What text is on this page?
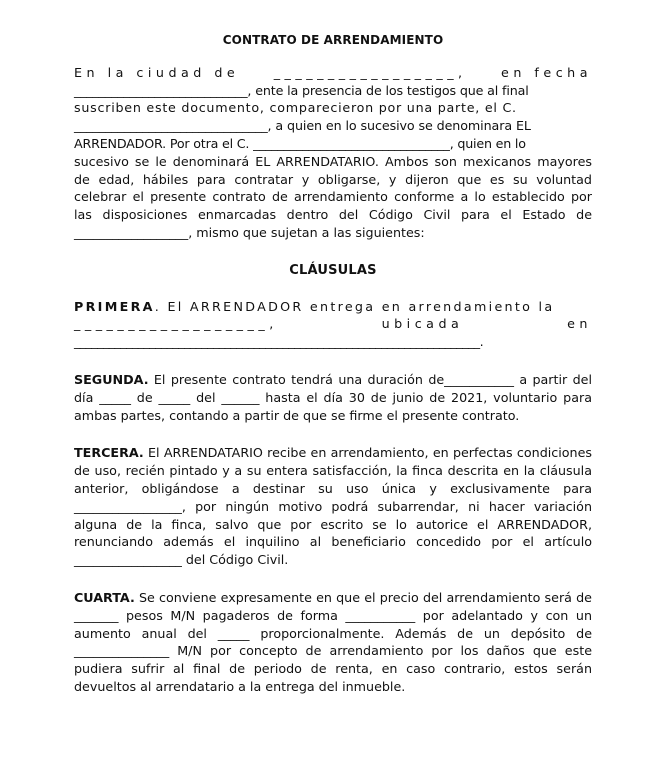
CONTRATO DE ARRENDAMIENTO
En la ciudad de	_________________,	en fecha
____________________________, ente la presencia de los testigos que al final
suscriben este documento, comparecieron por una parte, el C.
_______________________________, a quien en lo sucesivo se denominara EL
ARRENDADOR. Por otra el C. ________________________________, quien en lo
sucesivo se le denominará EL ARRENDATARIO. Ambos son mexicanos mayores de edad, hábiles para contratar y obligarse, y dijeron que es su voluntad celebrar el presente contrato de arrendamiento conforme a lo establecido por las disposiciones enmarcadas dentro del Código Civil para el Estado de __________________, mismo que sujetan a las siguientes:
CLÁUSULAS
PRIMERA. El ARRENDADOR entrega en arrendamiento la
__________________,	ubicada	en
______________________________________________________________________.
SEGUNDA. El presente contrato tendrá una duración de___________ a partir del día _____ de _____ del ______ hasta el día 30 de junio de 2021, voluntario para ambas partes, contando a partir de que se firme el presente contrato.
TERCERA. El ARRENDATARIO recibe en arrendamiento, en perfectas condiciones de uso, recién pintado y a su entera satisfacción, la finca descrita en la cláusula anterior, obligándose a destinar su uso única y exclusivamente para _________________, por ningún motivo podrá subarrendar, ni hacer variación alguna de la finca, salvo que por escrito se lo autorice el ARRENDADOR, renunciando además el inquilino al beneficiario concedido por el artículo _________________ del Código Civil.
CUARTA. Se conviene expresamente en que el precio del arrendamiento será de _______ pesos M/N pagaderos de forma ___________ por adelantado y con un aumento anual del _____ proporcionalmente. Además de un depósito de _______________ M/N por concepto de arrendamiento por los daños que este pudiera sufrir al final de periodo de renta, en caso contrario, estos serán devueltos al arrendatario a la entrega del inmueble.
